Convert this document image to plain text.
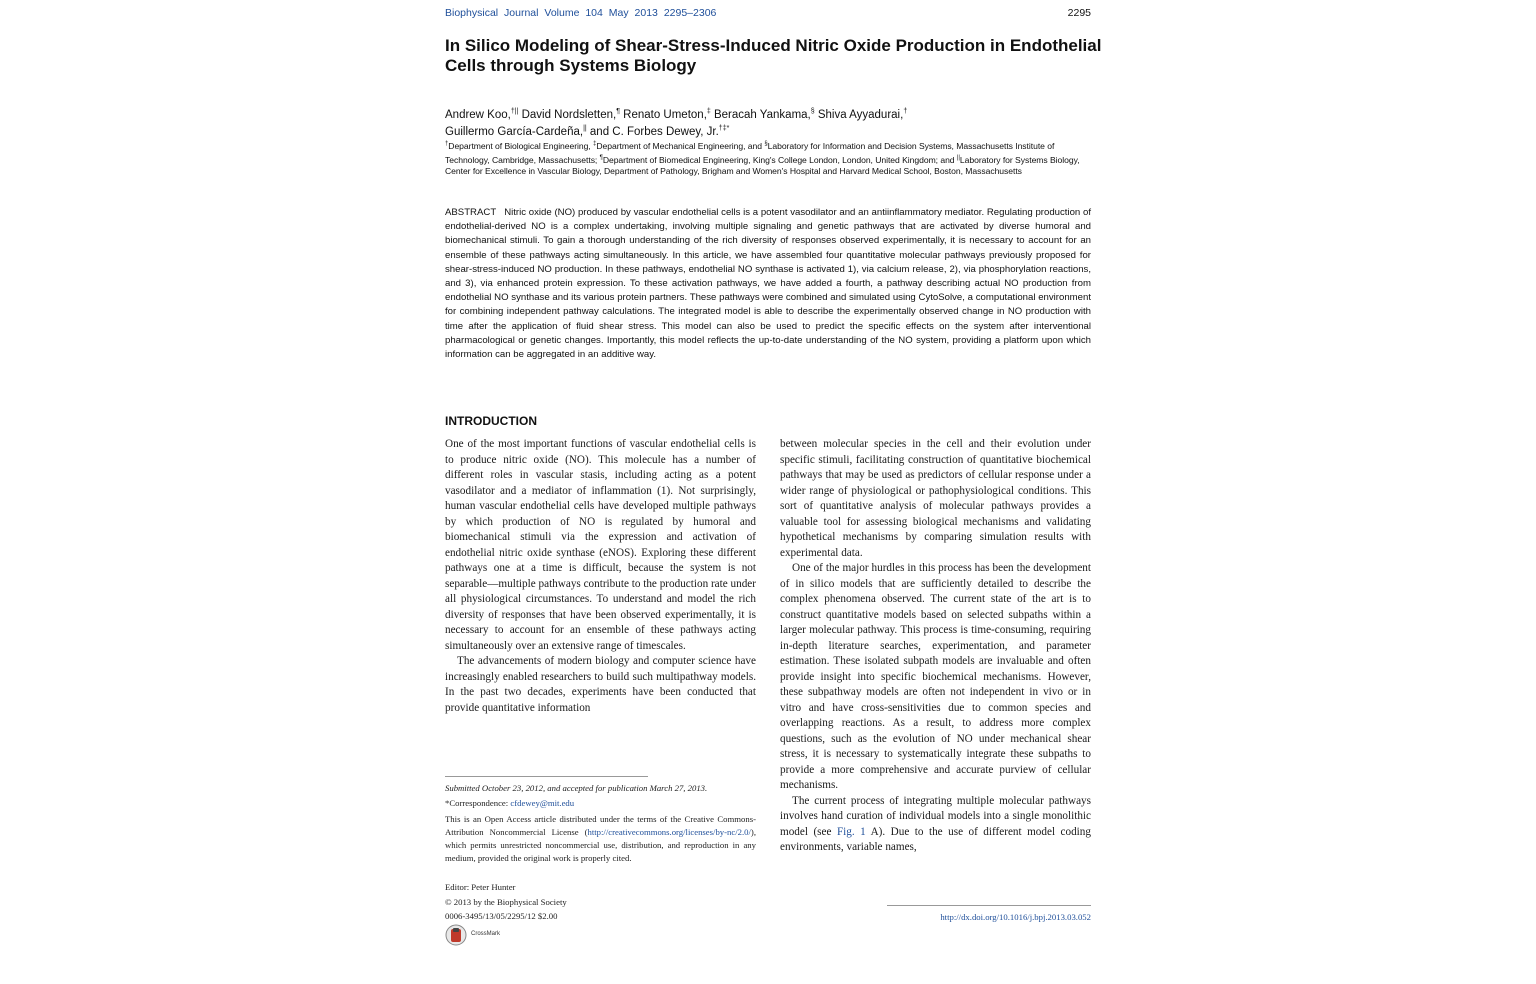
Biophysical Journal Volume 104 May 2013 2295–2306	2295
In Silico Modeling of Shear-Stress-Induced Nitric Oxide Production in Endothelial Cells through Systems Biology
Andrew Koo,†|| David Nordsletten,¶ Renato Umeton,‡ Beracah Yankama,§ Shiva Ayyadurai,†
Guillermo García-Cardeña,|| and C. Forbes Dewey, Jr.†‡*
†Department of Biological Engineering, ‡Department of Mechanical Engineering, and §Laboratory for Information and Decision Systems, Massachusetts Institute of Technology, Cambridge, Massachusetts; ¶Department of Biomedical Engineering, King's College London, London, United Kingdom; and ||Laboratory for Systems Biology, Center for Excellence in Vascular Biology, Department of Pathology, Brigham and Women's Hospital and Harvard Medical School, Boston, Massachusetts
ABSTRACT Nitric oxide (NO) produced by vascular endothelial cells is a potent vasodilator and an antiinflammatory mediator. Regulating production of endothelial-derived NO is a complex undertaking, involving multiple signaling and genetic pathways that are activated by diverse humoral and biomechanical stimuli. To gain a thorough understanding of the rich diversity of responses observed experimentally, it is necessary to account for an ensemble of these pathways acting simultaneously. In this article, we have assembled four quantitative molecular pathways previously proposed for shear-stress-induced NO production. In these pathways, endothelial NO synthase is activated 1), via calcium release, 2), via phosphorylation reactions, and 3), via enhanced protein expression. To these activation pathways, we have added a fourth, a pathway describing actual NO production from endothelial NO synthase and its various protein partners. These pathways were combined and simulated using CytoSolve, a computational environment for combining independent pathway calculations. The integrated model is able to describe the experimentally observed change in NO production with time after the application of fluid shear stress. This model can also be used to predict the specific effects on the system after interventional pharmacological or genetic changes. Importantly, this model reflects the up-to-date understanding of the NO system, providing a platform upon which information can be aggregated in an additive way.
INTRODUCTION

One of the most important functions of vascular endothelial cells is to produce nitric oxide (NO). This molecule has a number of different roles in vascular stasis, including acting as a potent vasodilator and a mediator of inflammation (1). Not surprisingly, human vascular endothelial cells have developed multiple pathways by which production of NO is regulated by humoral and biomechanical stimuli via the expression and activation of endothelial nitric oxide synthase (eNOS). Exploring these different pathways one at a time is difficult, because the system is not separable—multiple pathways contribute to the production rate under all physiological circumstances. To understand and model the rich diversity of responses that have been observed experimentally, it is necessary to account for an ensemble of these pathways acting simultaneously over an extensive range of timescales.

The advancements of modern biology and computer science have increasingly enabled researchers to build such multipathway models. In the past two decades, experiments have been conducted that provide quantitative information

between molecular species in the cell and their evolution under specific stimuli, facilitating construction of quantitative biochemical pathways that may be used as predictors of cellular response under a wider range of physiological or pathophysiological conditions. This sort of quantitative analysis of molecular pathways provides a valuable tool for assessing biological mechanisms and validating hypothetical mechanisms by comparing simulation results with experimental data.

One of the major hurdles in this process has been the development of in silico models that are sufficiently detailed to describe the complex phenomena observed. The current state of the art is to construct quantitative models based on selected subpaths within a larger molecular pathway. This process is time-consuming, requiring in-depth literature searches, experimentation, and parameter estimation. These isolated subpath models are invaluable and often provide insight into specific biochemical mechanisms. However, these subpathway models are often not independent in vivo or in vitro and have cross-sensitivities due to common species and overlapping reactions. As a result, to address more complex questions, such as the evolution of NO under mechanical shear stress, it is necessary to systematically integrate these subpaths to provide a more comprehensive and accurate purview of cellular mechanisms.

The current process of integrating multiple molecular pathways involves hand curation of individual models into a single monolithic model (see Fig. 1 A). Due to the use of different model coding environments, variable names,

Submitted October 23, 2012, and accepted for publication March 27, 2013.
*Correspondence: cfdewey@mit.edu
This is an Open Access article distributed under the terms of the Creative Commons-Attribution Noncommercial License (http://creativecommons.org/licenses/by-nc/2.0/), which permits unrestricted noncommercial use, distribution, and reproduction in any medium, provided the original work is properly cited.
Editor: Peter Hunter
© 2013 by the Biophysical Society
0006-3495/13/05/2295/12 $2.00	http://dx.doi.org/10.1016/j.bpj.2013.03.052
CrossMark
